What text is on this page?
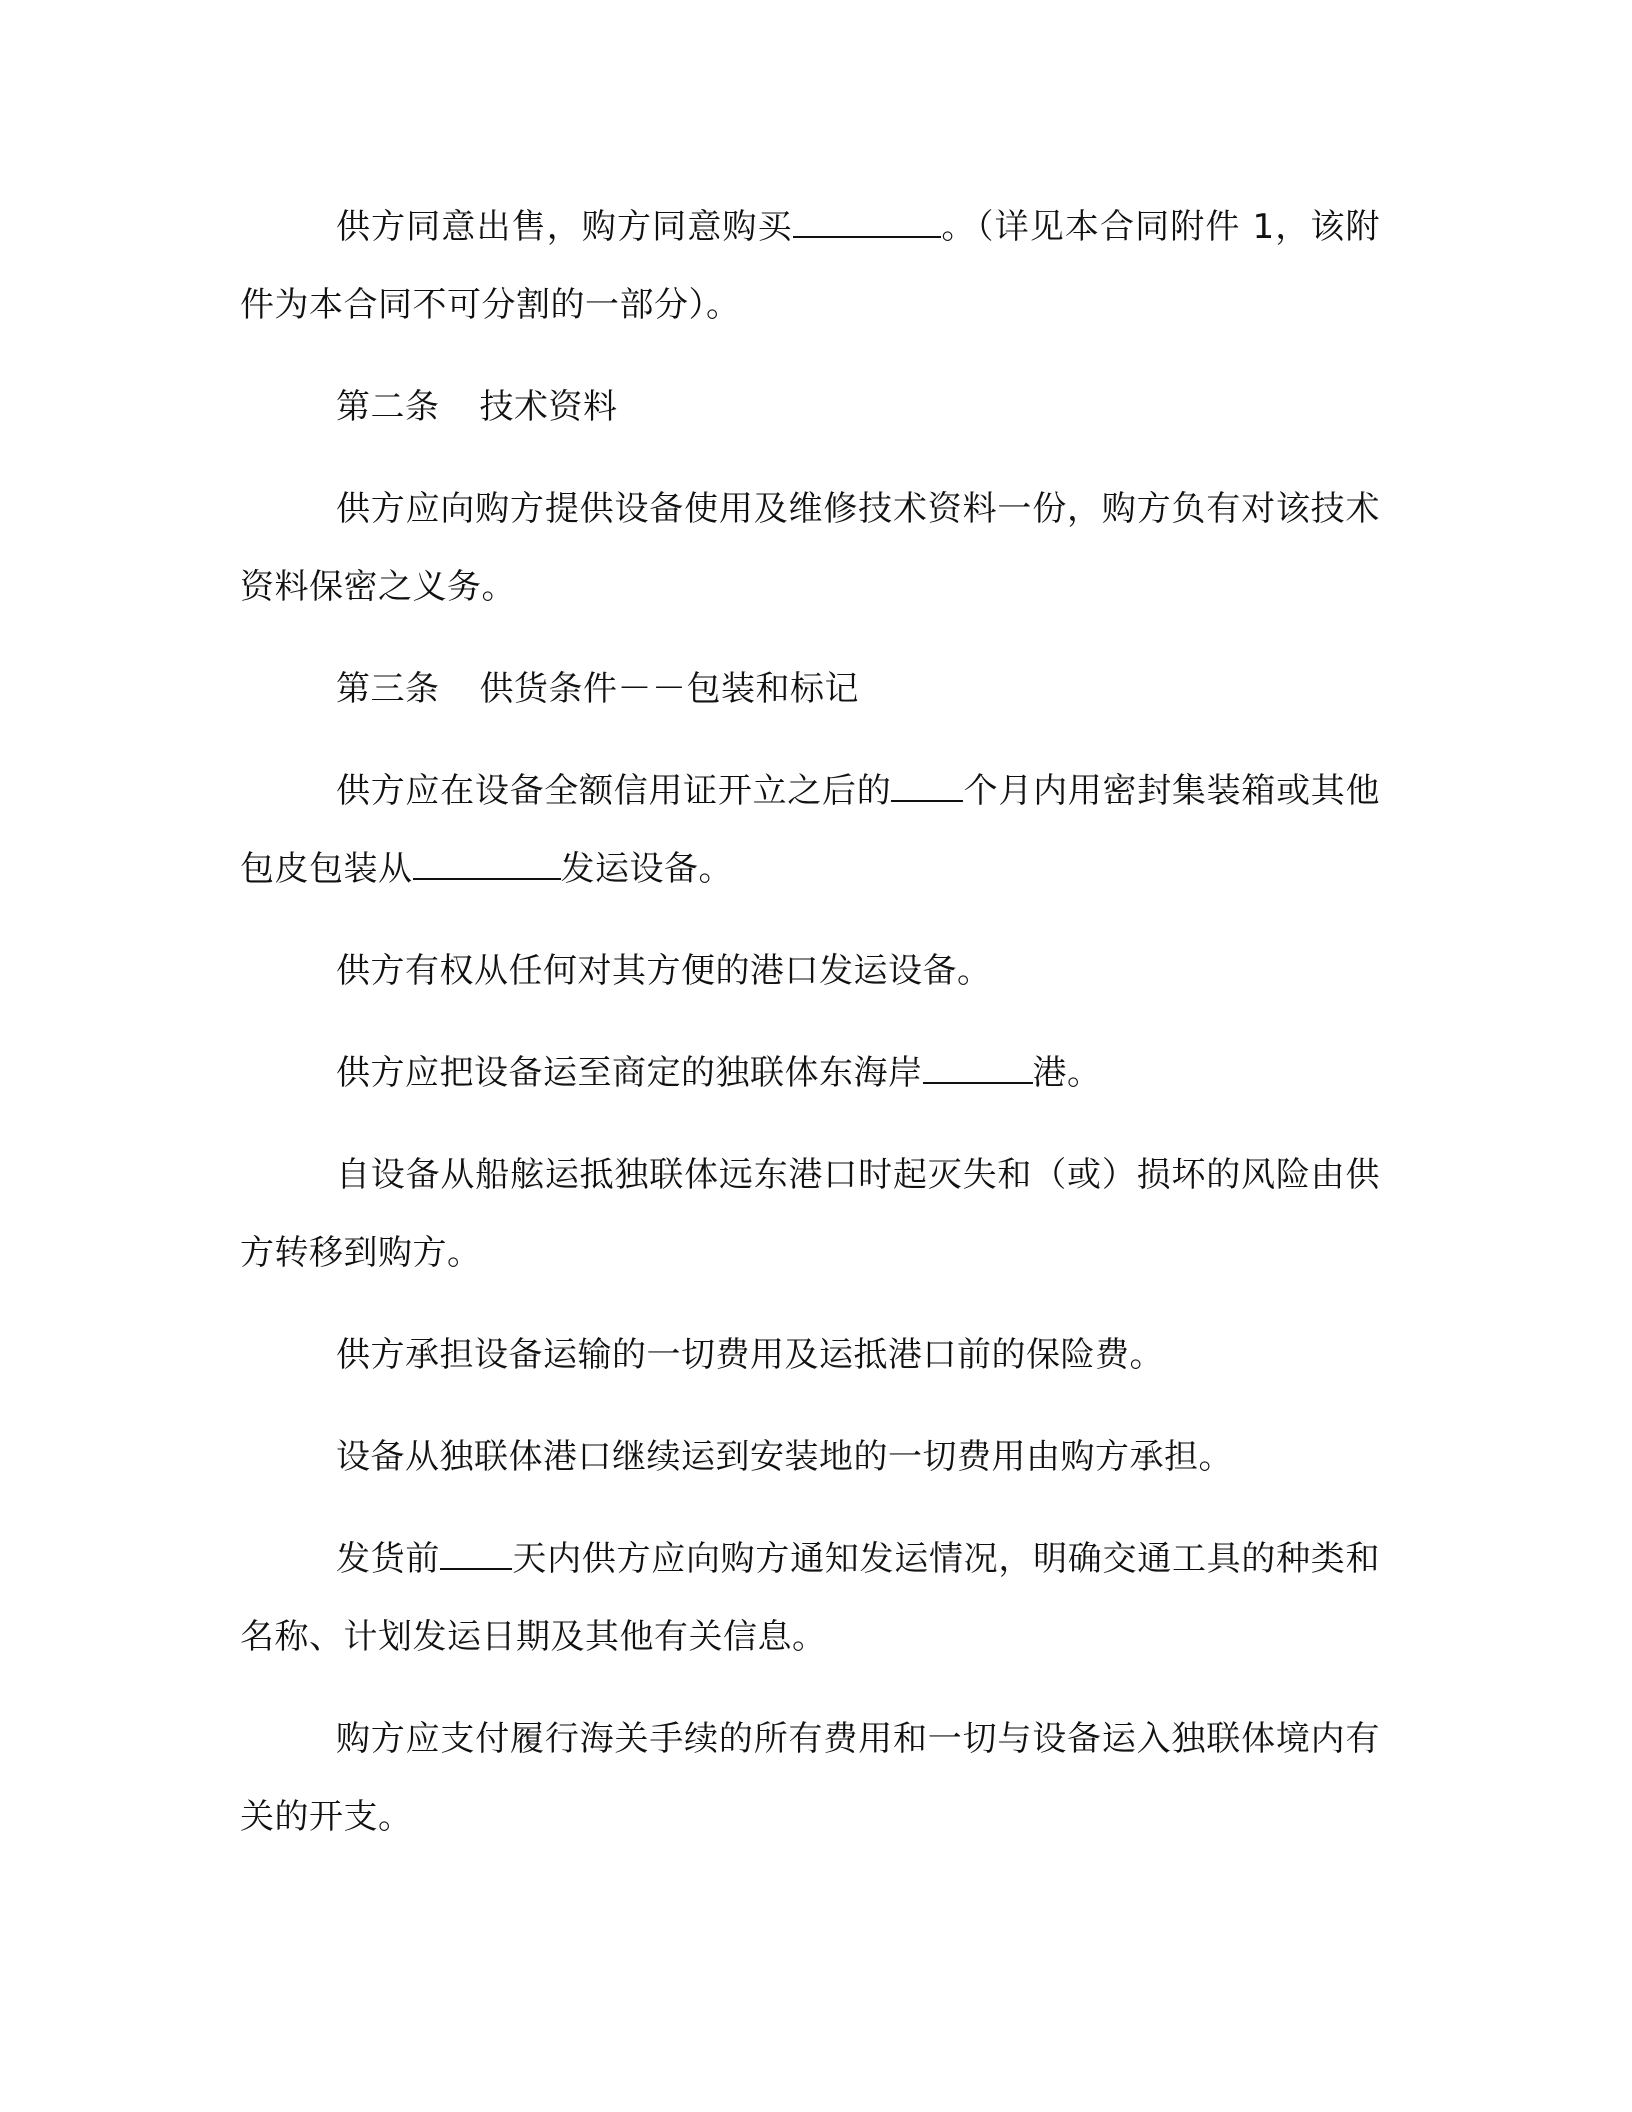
供方同意出售，购方同意购买	。（详见本合同附件 1，该附件为本合同不可分割的一部分）。

第二条 技术资料

供方应向购方提供设备使用及维修技术资料一份，购方负有对该技术资料保密之义务。

第三条 供货条件－－包装和标记

供方应在设备全额信用证开立之后的 个月内用密封集装箱或其他包皮包装从	发运设备。

供方有权从任何对其方便的港口发运设备。

供方应把设备运至商定的独联体东海岸	港。

自设备从船舷运抵独联体远东港口时起灭失和（或）损坏的风险由供方转移到购方。

供方承担设备运输的一切费用及运抵港口前的保险费。

设备从独联体港口继续运到安装地的一切费用由购方承担。

发货前 天内供方应向购方通知发运情况，明确交通工具的种类和名称、计划发运日期及其他有关信息。

购方应支付履行海关手续的所有费用和一切与设备运入独联体境内有关的开支。
